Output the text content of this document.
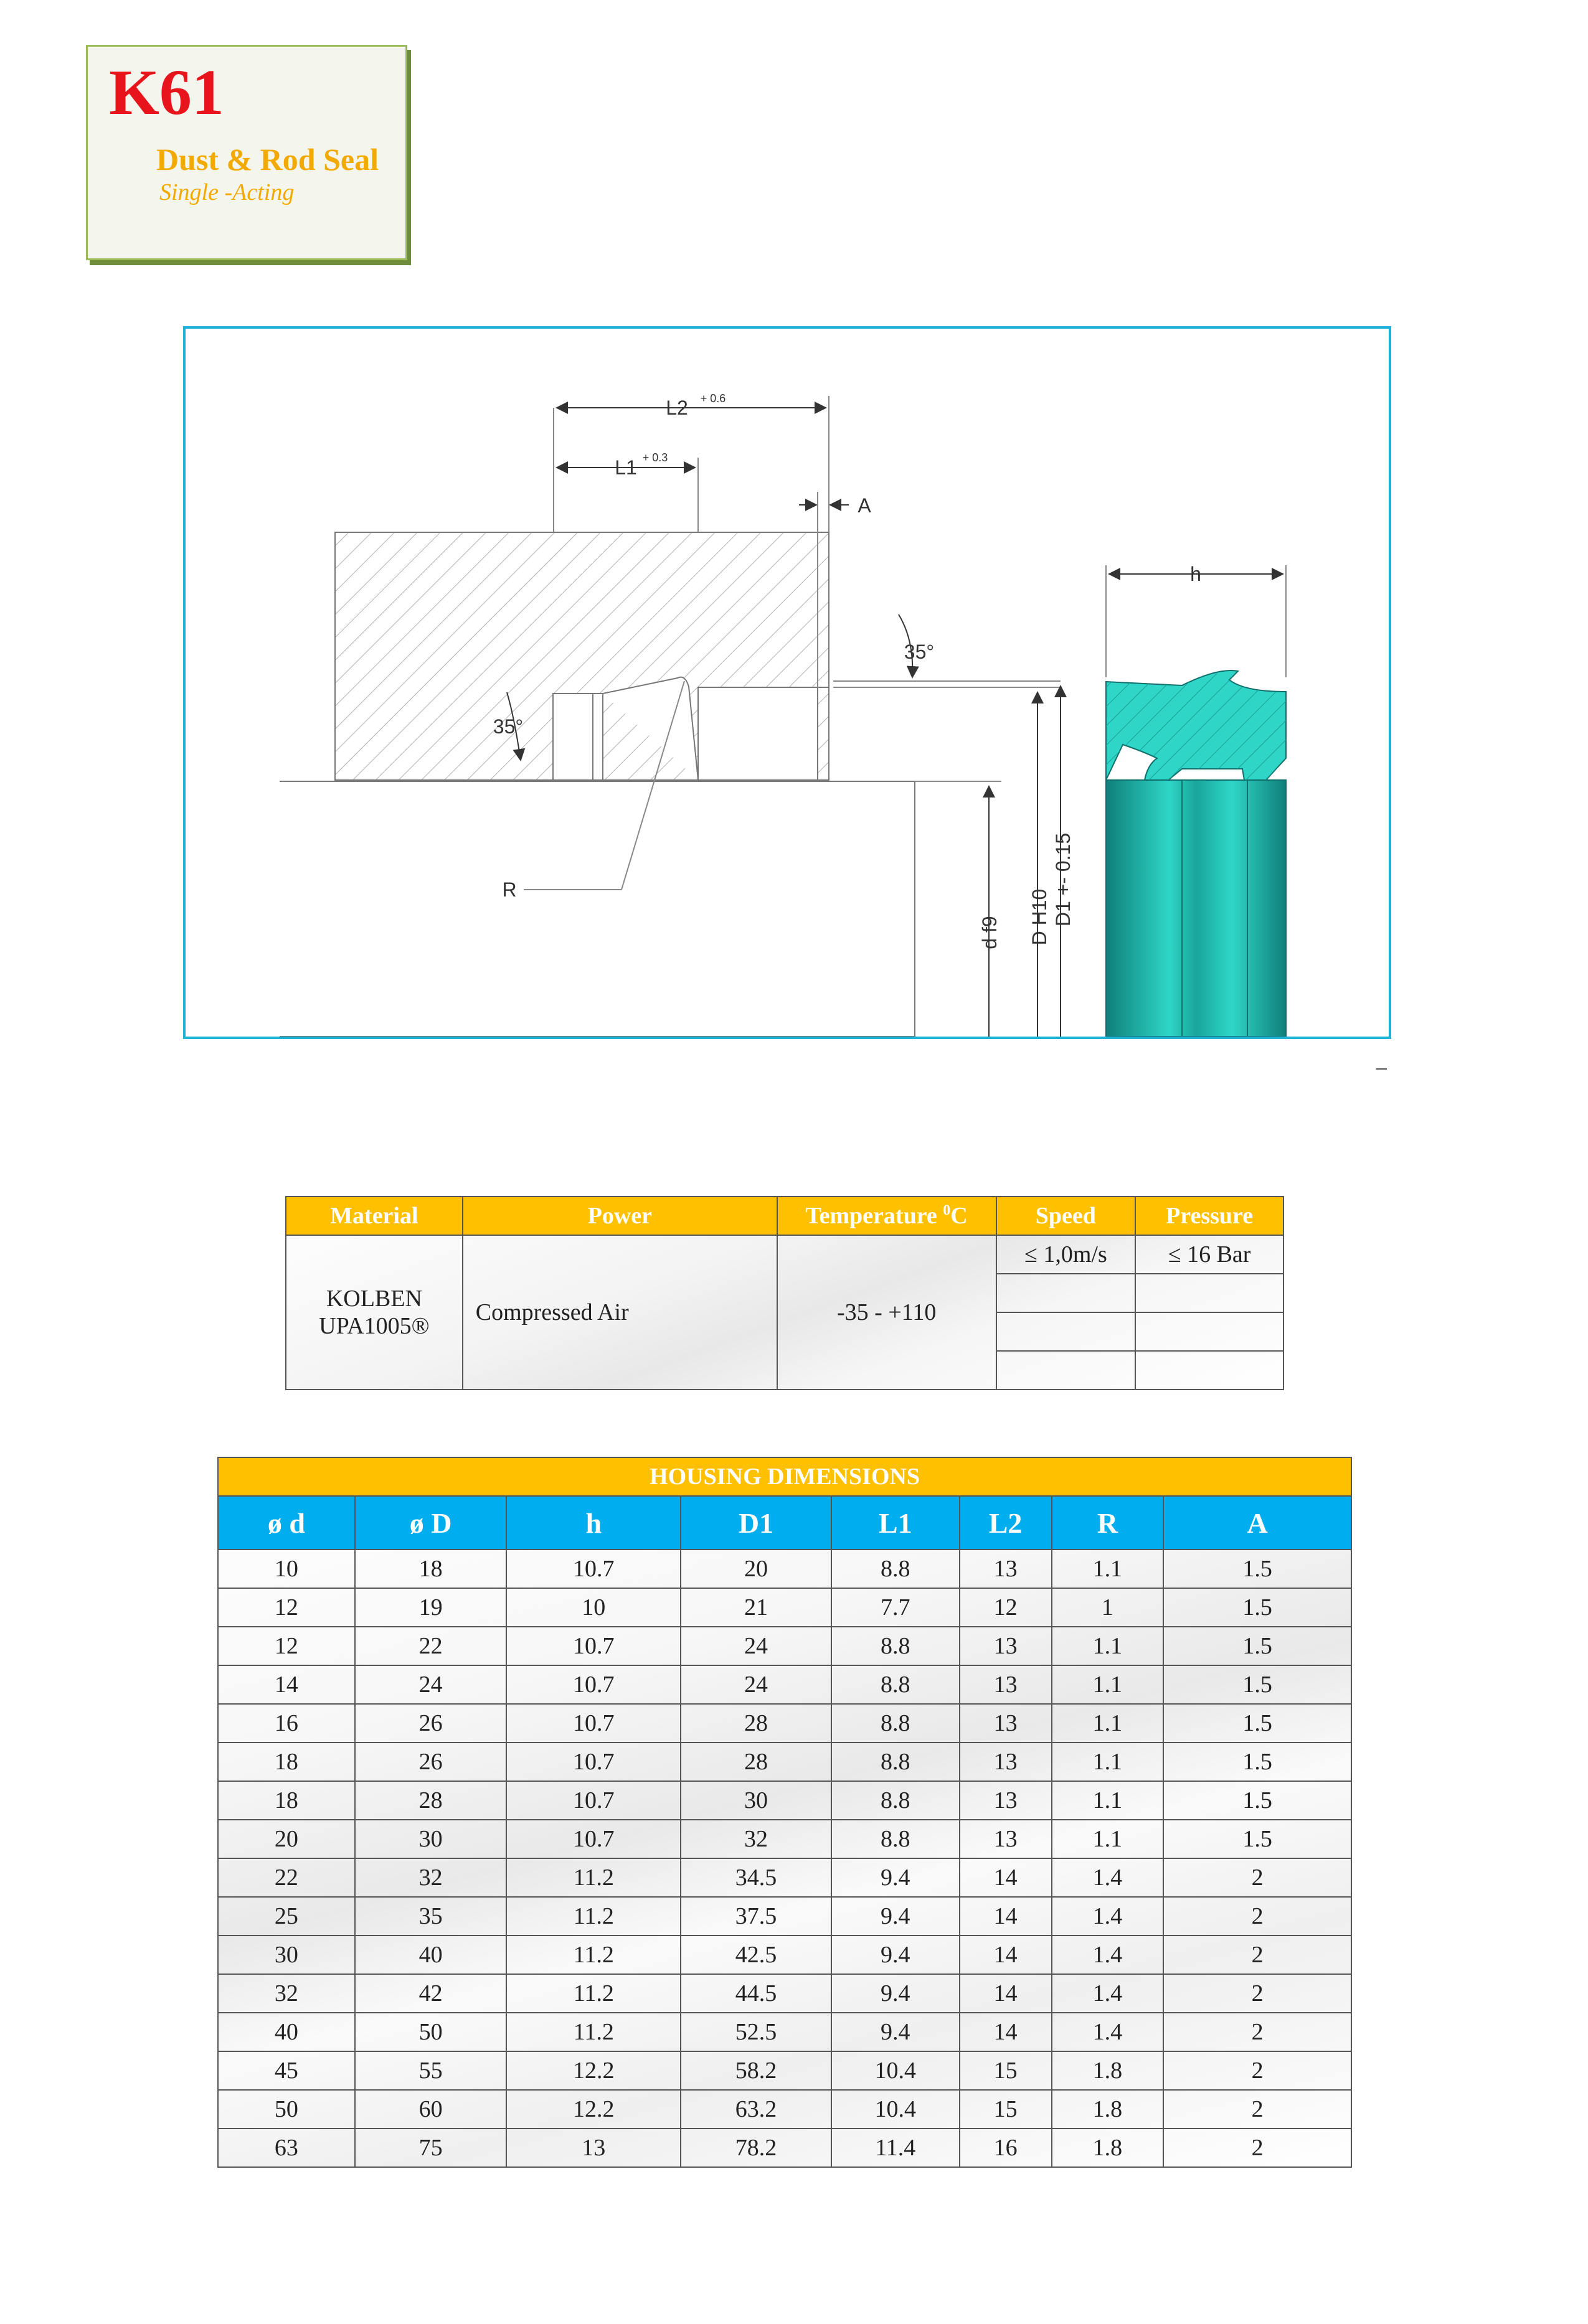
K61
Dust & Rod Seal
Single -Acting
L2 + 0.6
L1 + 0.3
A
35°
35°
R
d f9 D H10 D1 +- 0.15
h
_
Material	Power	Temperature $^0$C	Speed	Pressure

KOLBEN
UPA1005®	Compressed Air	-35 - +110	≤ 1,0m/s	≤ 16 Bar

HOUSING DIMENSIONS							
ø d	ø D	h	D1	L1	L2	R	A
10	18	10.7	20	8.8	13	1.1	1.5
12	19	10	21	7.7	12	1	1.5
12	22	10.7	24	8.8	13	1.1	1.5
14	24	10.7	24	8.8	13	1.1	1.5
16	26	10.7	28	8.8	13	1.1	1.5
18	26	10.7	28	8.8	13	1.1	1.5
18	28	10.7	30	8.8	13	1.1	1.5
20	30	10.7	32	8.8	13	1.1	1.5
22	32	11.2	34.5	9.4	14	1.4	2
25	35	11.2	37.5	9.4	14	1.4	2
30	40	11.2	42.5	9.4	14	1.4	2
32	42	11.2	44.5	9.4	14	1.4	2
40	50	11.2	52.5	9.4	14	1.4	2
45	55	12.2	58.2	10.4	15	1.8	2
50	60	12.2	63.2	10.4	15	1.8	2
63	75	13	78.2	11.4	16	1.8	2
